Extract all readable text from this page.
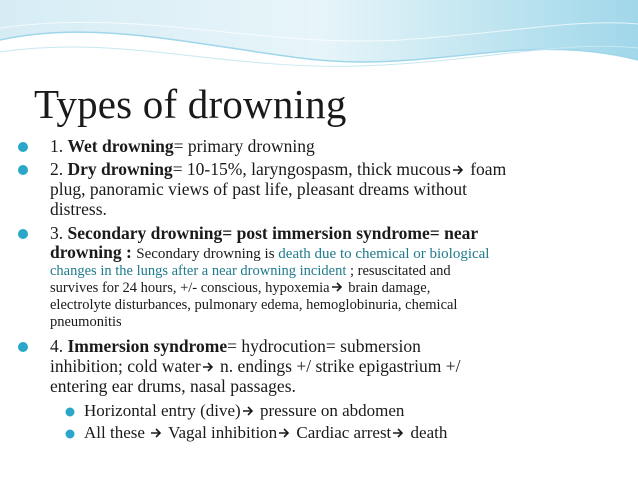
Types of drowning
1. Wet drowning= primary drowning
2. Dry drowning= 10-15%, laryngospasm, thick mucous foam
plug, panoramic views of past life, pleasant dreams without
distress.
3. Secondary drowning= post immersion syndrome= near
drowning : Secondary drowning is death due to chemical or biological
changes in the lungs after a near drowning incident ; resuscitated and
survives for 24 hours, +/- conscious, hypoxemia brain damage,
electrolyte disturbances, pulmonary edema, hemoglobinuria, chemical
pneumonitis
4. Immersion syndrome= hydrocution= submersion
inhibition; cold water n. endings +/ strike epigastrium +/
entering ear drums, nasal passages.
Horizontal entry (dive) pressure on abdomen
All these  Vagal inhibition Cardiac arrest death
